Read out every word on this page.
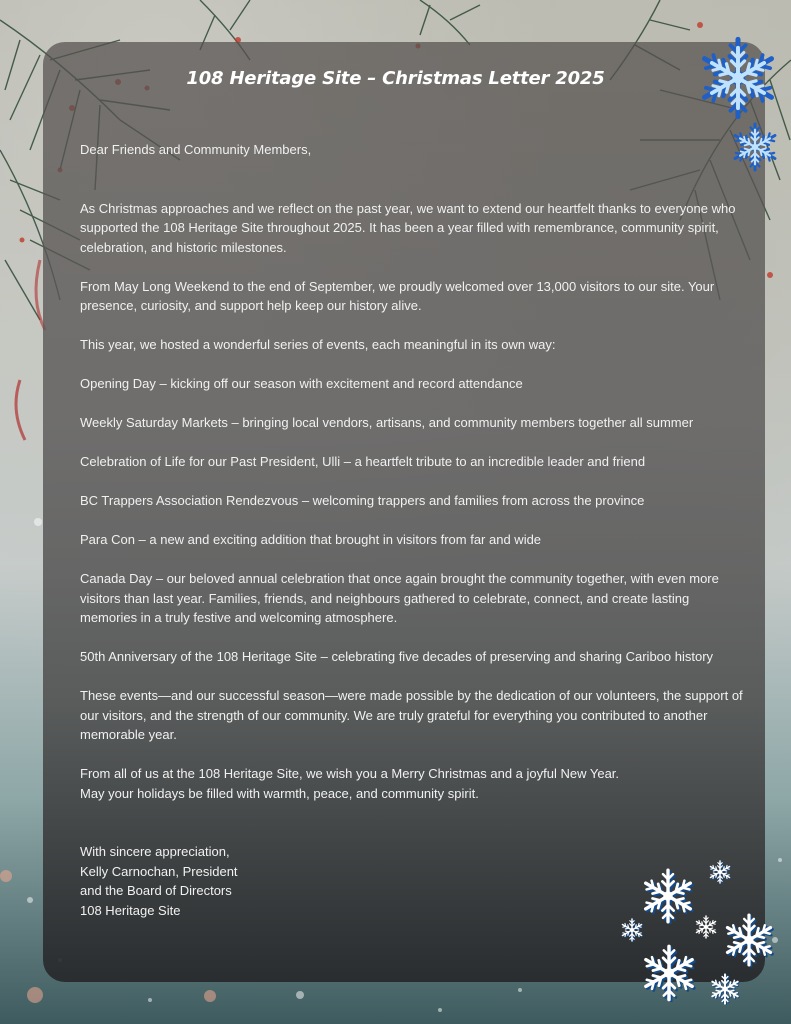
108 Heritage Site – Christmas Letter 2025

Dear Friends and Community Members,

As Christmas approaches and we reflect on the past year, we want to extend our heartfelt thanks to everyone who supported the 108 Heritage Site throughout 2025. It has been a year filled with remembrance, community spirit, celebration, and historic milestones.

From May Long Weekend to the end of September, we proudly welcomed over 13,000 visitors to our site. Your presence, curiosity, and support help keep our history alive.

This year, we hosted a wonderful series of events, each meaningful in its own way:

Opening Day – kicking off our season with excitement and record attendance

Weekly Saturday Markets – bringing local vendors, artisans, and community members together all summer

Celebration of Life for our Past President, Ulli – a heartfelt tribute to an incredible leader and friend

BC Trappers Association Rendezvous – welcoming trappers and families from across the province

Para Con – a new and exciting addition that brought in visitors from far and wide

Canada Day – our beloved annual celebration that once again brought the community together, with even more visitors than last year. Families, friends, and neighbours gathered to celebrate, connect, and create lasting memories in a truly festive and welcoming atmosphere.

50th Anniversary of the 108 Heritage Site – celebrating five decades of preserving and sharing Cariboo history

These events—and our successful season—were made possible by the dedication of our volunteers, the support of our visitors, and the strength of our community. We are truly grateful for everything you contributed to another memorable year.

From all of us at the 108 Heritage Site, we wish you a Merry Christmas and a joyful New Year.
May your holidays be filled with warmth, peace, and community spirit.

With sincere appreciation,
Kelly Carnochan, President
and the Board of Directors
108 Heritage Site
